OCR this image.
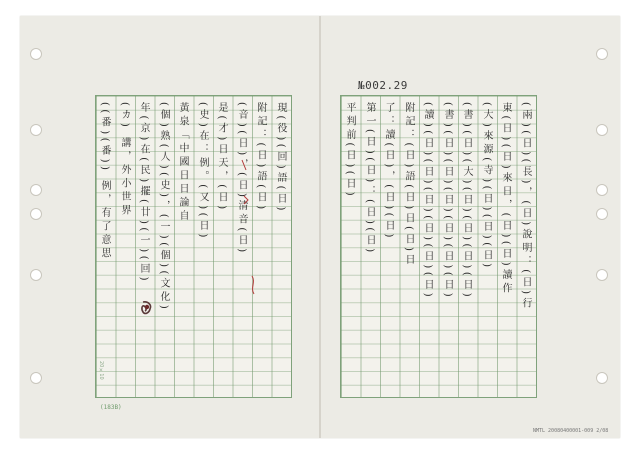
№002.29
(183B)
20×10
NMTL 20080400001-009 2/08
((番)(番)) 例，有了意思 (カ) 講，外小世界 年(京)在(民)擺(廿)(一)(回) (個)熟(人)(史)，(一)(個)(文化) 黃泉「中國日日論自 (史)在：例。(又)(日) 是(才)日天，(日) (音)(日)，(日)清音(日) 附記：(日)語(日) 現(役)(回)語(日)	(兩)(日)(長)，(日)說明：(日)行
東(日)(日)來日，(日)(日)讀作
(大)來源(寺)(日)(日)(日)
(書)(日)(大)(日)(日)(日)(日)
(書)(日)(日)(日)(日)(日)(日)
(讀)(日)(日)(日)(日)(日)(日)
附記：(日)語(日)日(日)日
了：讀(日)，(日)(日)
第一(日)(日)：(日)(日)
平判前(日)(日)
